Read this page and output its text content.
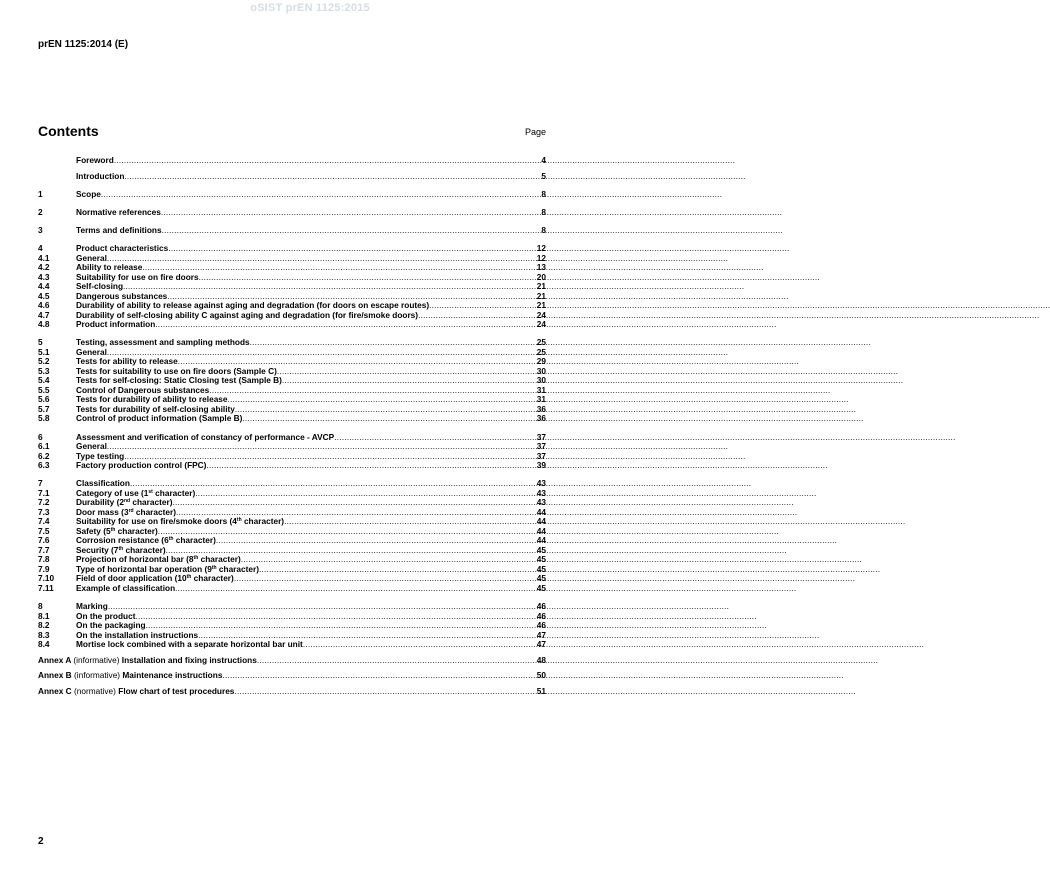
oSIST prEN 1125:2015
prEN 1125:2014 (E)
Contents	Page
Foreword .....	4
Introduction .....	5
1	Scope .....	8
2	Normative references .....	8
3	Terms and definitions .....	8
4	Product characteristics .....	12
4.1	General .....	12
4.2	Ability to release .....	13
4.3	Suitability for use on fire doors .....	20
4.4	Self-closing .....	21
4.5	Dangerous substances .....	21
4.6	Durability of ability to release against aging and degradation (for doors on escape routes) .....	21
4.7	Durability of self-closing ability C against aging and degradation (for fire/smoke doors) .....	24
4.8	Product information .....	24
5	Testing, assessment and sampling methods .....	25
5.1	General .....	25
5.2	Tests for ability to release .....	29
5.3	Tests for suitability to use on fire doors (Sample C) .....	30
5.4	Tests for self-closing: Static Closing test (Sample B) .....	30
5.5	Control of Dangerous substances .....	31
5.6	Tests for durability of ability to release .....	31
5.7	Tests for durability of self-closing ability .....	36
5.8	Control of product information (Sample B) .....	36
6	Assessment and verification of constancy of performance - AVCP .....	37
6.1	General .....	37
6.2	Type testing .....	37
6.3	Factory production control (FPC) .....	39
7	Classification .....	43
7.1	Category of use (1st character) .....	43
7.2	Durability (2nd character) .....	43
7.3	Door mass (3rd character) .....	44
7.4	Suitability for use on fire/smoke doors (4th character) .....	44
7.5	Safety (5th character) .....	44
7.6	Corrosion resistance (6th character) .....	44
7.7	Security (7th character) .....	45
7.8	Projection of horizontal bar (8th character) .....	45
7.9	Type of horizontal bar operation (9th character) .....	45
7.10	Field of door application (10th character) .....	45
7.11	Example of classification .....	45
8	Marking .....	46
8.1	On the product .....	46
8.2	On the packaging .....	46
8.3	On the installation instructions .....	47
8.4	Mortise lock combined with a separate horizontal bar unit .....	47
Annex A (informative) Installation and fixing instructions .....	48
Annex B (informative) Maintenance instructions .....	50
Annex C (normative) Flow chart of test procedures .....	51
2
